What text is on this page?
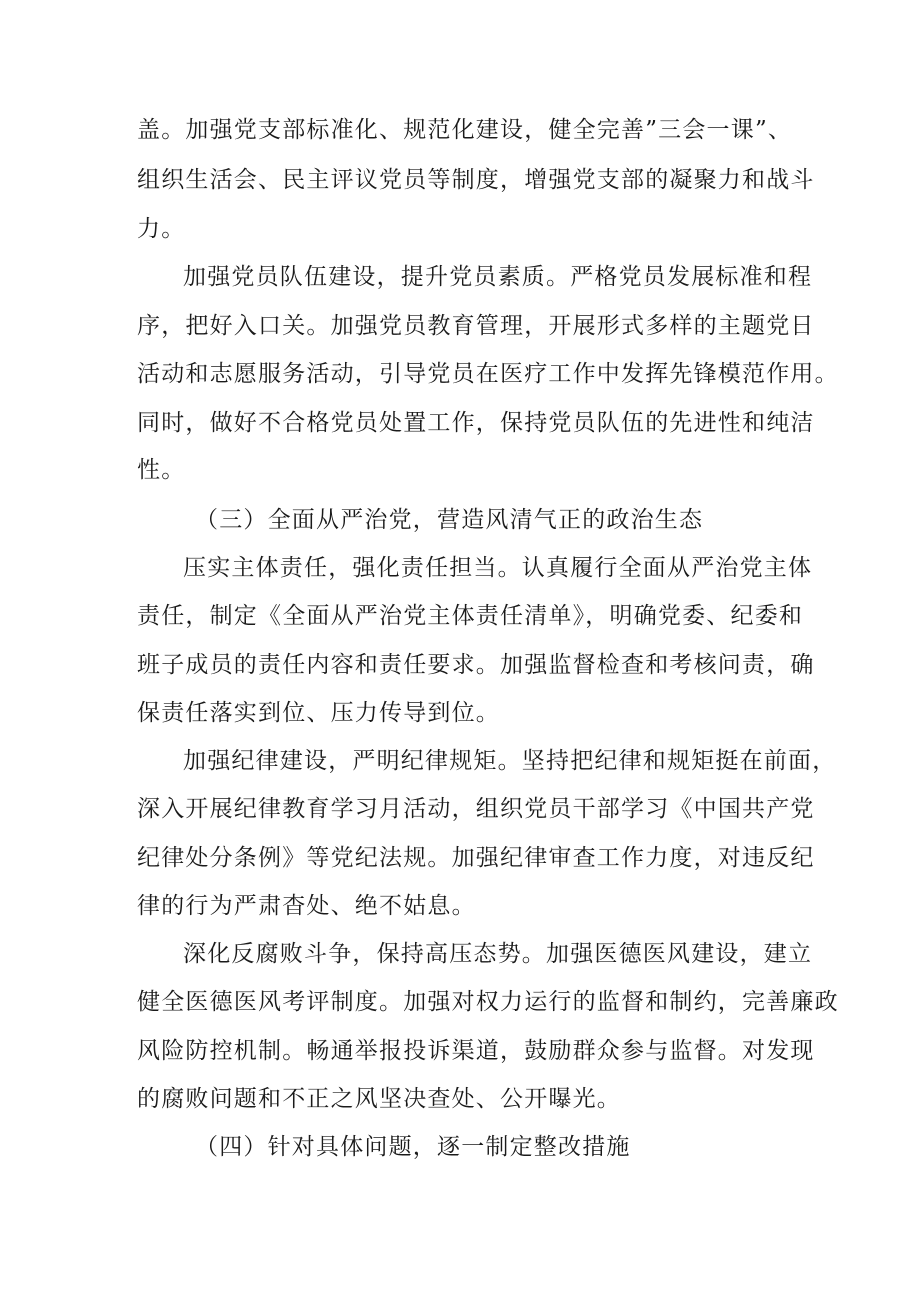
盖。加强党支部标准化、规范化建设，健全完善”三会一课”、
组织生活会、民主评议党员等制度，增强党支部的凝聚力和战斗
力。
加强党员队伍建设，提升党员素质。严格党员发展标准和程
序，把好入口关。加强党员教育管理，开展形式多样的主题党日
活动和志愿服务活动，引导党员在医疗工作中发挥先锋模范作用。
同时，做好不合格党员处置工作，保持党员队伍的先进性和纯洁
性。
（三）全面从严治党，营造风清气正的政治生态
压实主体责任，强化责任担当。认真履行全面从严治党主体
责任，制定《全面从严治党主体责任清单》，明确党委、纪委和
班子成员的责任内容和责任要求。加强监督检查和考核问责，确
保责任落实到位、压力传导到位。
加强纪律建设，严明纪律规矩。坚持把纪律和规矩挺在前面，
深入开展纪律教育学习月活动，组织党员干部学习《中国共产党
纪律处分条例》等党纪法规。加强纪律审查工作力度，对违反纪
律的行为严肃杳处、绝不姑息。
深化反腐败斗争，保持高压态势。加强医德医风建设，建立
健全医德医风考评制度。加强对权力运行的监督和制约，完善廉政
风险防控机制。畅通举报投诉渠道，鼓励群众参与监督。对发现
的腐败问题和不正之风坚决查处、公开曝光。
（四）针对具体问题，逐一制定整改措施
